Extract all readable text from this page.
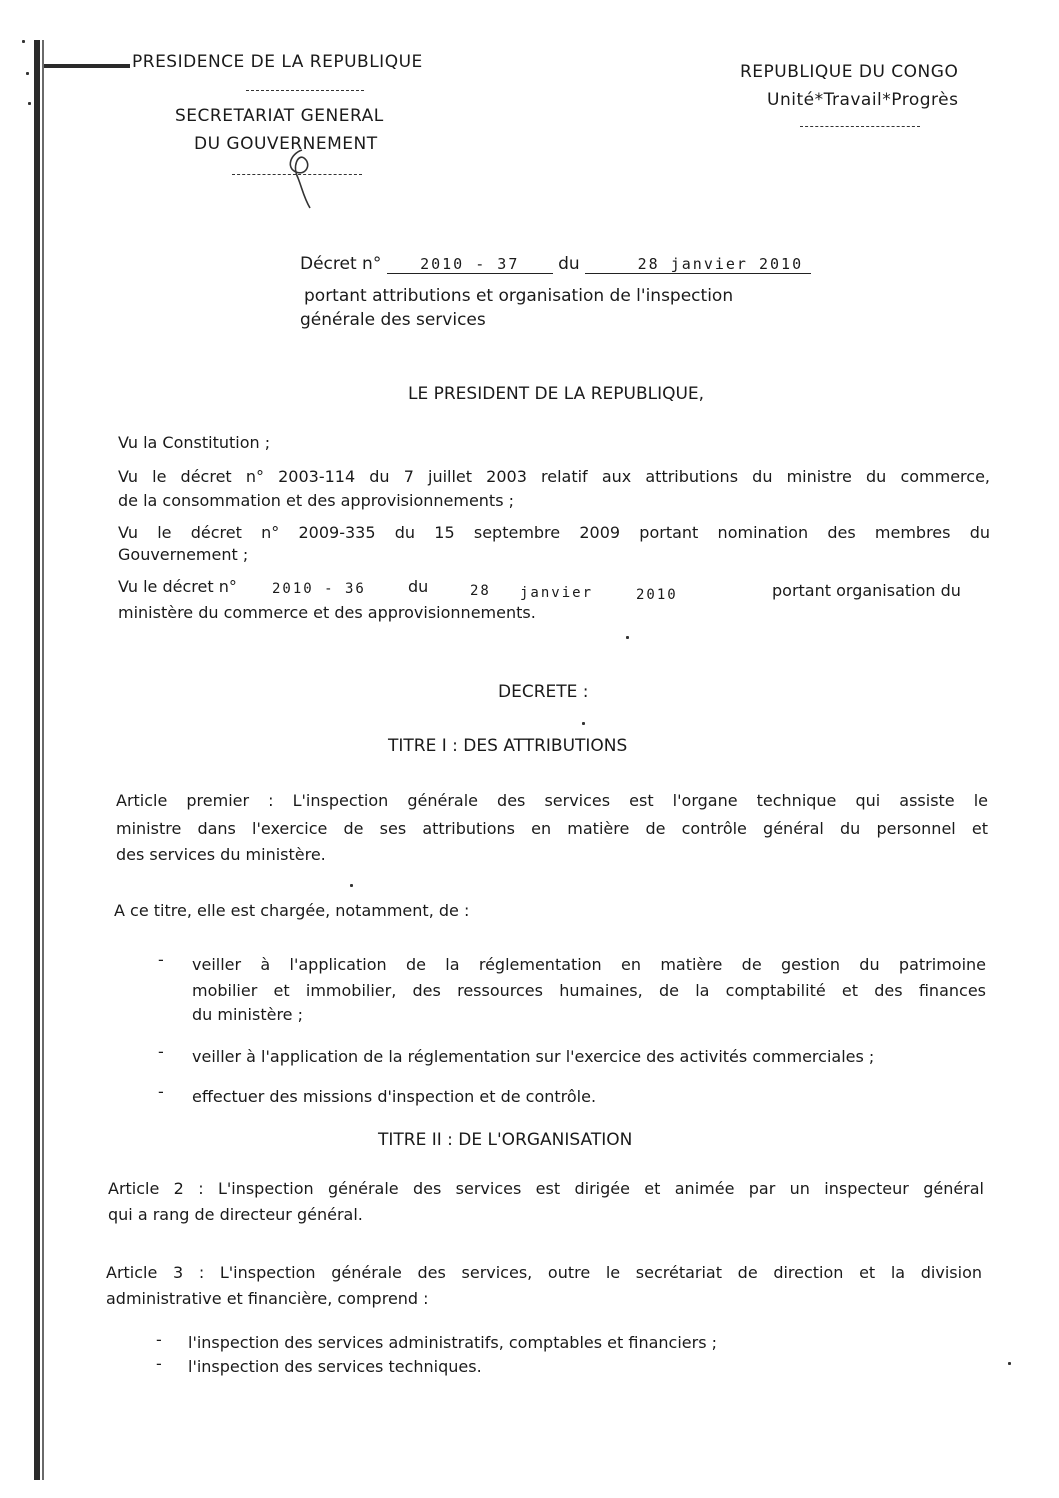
PRESIDENCE DE LA REPUBLIQUE
SECRETARIAT GENERAL
DU GOUVERNEMENT
REPUBLIQUE DU CONGO
Unité*Travail*Progrès
Décret n°	2010 - 37 du	28 janvier 2010
portant attributions et organisation de l'inspection
générale des services
LE PRESIDENT DE LA REPUBLIQUE,
Vu la Constitution ;
Vu le décret n° 2003-114 du 7 juillet 2003 relatif aux attributions du ministre du commerce,
de la consommation et des approvisionnements ;
Vu le décret n° 2009-335 du 15 septembre 2009 portant nomination des membres du
Gouvernement ;
Vu le décret n°	2010 - 36	du	28 janvier	2010	portant organisation du
ministère du commerce et des approvisionnements.
DECRETE :
TITRE I : DES ATTRIBUTIONS
Article premier : L'inspection générale des services est l'organe technique qui assiste le
ministre dans l'exercice de ses attributions en matière de contrôle général du personnel et
des services du ministère.
A ce titre, elle est chargée, notamment, de :
- veiller à l'application de la réglementation en matière de gestion du patrimoine
mobilier et immobilier, des ressources humaines, de la comptabilité et des finances
du ministère ;
- veiller à l'application de la réglementation sur l'exercice des activités commerciales ;
- effectuer des missions d'inspection et de contrôle.
TITRE II : DE L'ORGANISATION
Article 2 : L'inspection générale des services est dirigée et animée par un inspecteur général
qui a rang de directeur général.
Article 3 : L'inspection générale des services, outre le secrétariat de direction et la division
administrative et financière, comprend :
- l'inspection des services administratifs, comptables et financiers ;
- l'inspection des services techniques.
